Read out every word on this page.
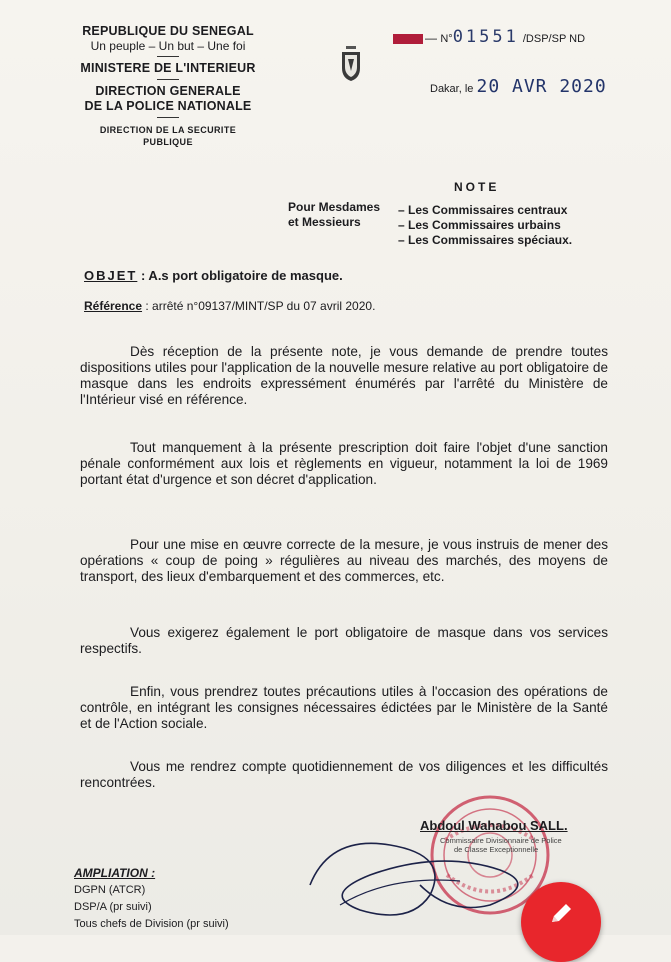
REPUBLIQUE DU SENEGAL
Un peuple – Un but – Une foi
MINISTERE DE L'INTERIEUR
DIRECTION GENERALE
DE LA POLICE NATIONALE
DIRECTION DE LA SECURITE
PUBLIQUE
— N°01551 /DSP/SP ND
Dakar, le 20 AVR 2020
NOTE
Pour Mesdames
et Messieurs
– Les Commissaires centraux
– Les Commissaires urbains
– Les Commissaires spéciaux.
OBJET : A.s port obligatoire de masque.
Référence : arrêté n°09137/MINT/SP du 07 avril 2020.
Dès réception de la présente note, je vous demande de prendre toutes dispositions utiles pour l'application de la nouvelle mesure relative au port obligatoire de masque dans les endroits expressément énumérés par l'arrêté du Ministère de l'Intérieur visé en référence.
Tout manquement à la présente prescription doit faire l'objet d'une sanction pénale conformément aux lois et règlements en vigueur, notamment la loi de 1969 portant état d'urgence et son décret d'application.
Pour une mise en œuvre correcte de la mesure, je vous instruis de mener des opérations « coup de poing » régulières au niveau des marchés, des moyens de transport, des lieux d'embarquement et des commerces, etc.
Vous exigerez également le port obligatoire de masque dans vos services respectifs.
Enfin, vous prendrez toutes précautions utiles à l'occasion des opérations de contrôle, en intégrant les consignes nécessaires édictées par le Ministère de la Santé et de l'Action sociale.
Vous me rendrez compte quotidiennement de vos diligences et les difficultés rencontrées.
Abdoul Wahabou SALL.
Commissaire Divisionnaire de Police
de Classe Exceptionnelle
AMPLIATION :
DGPN (ATCR)
DSP/A (pr suivi)
Tous chefs de Division (pr suivi)
